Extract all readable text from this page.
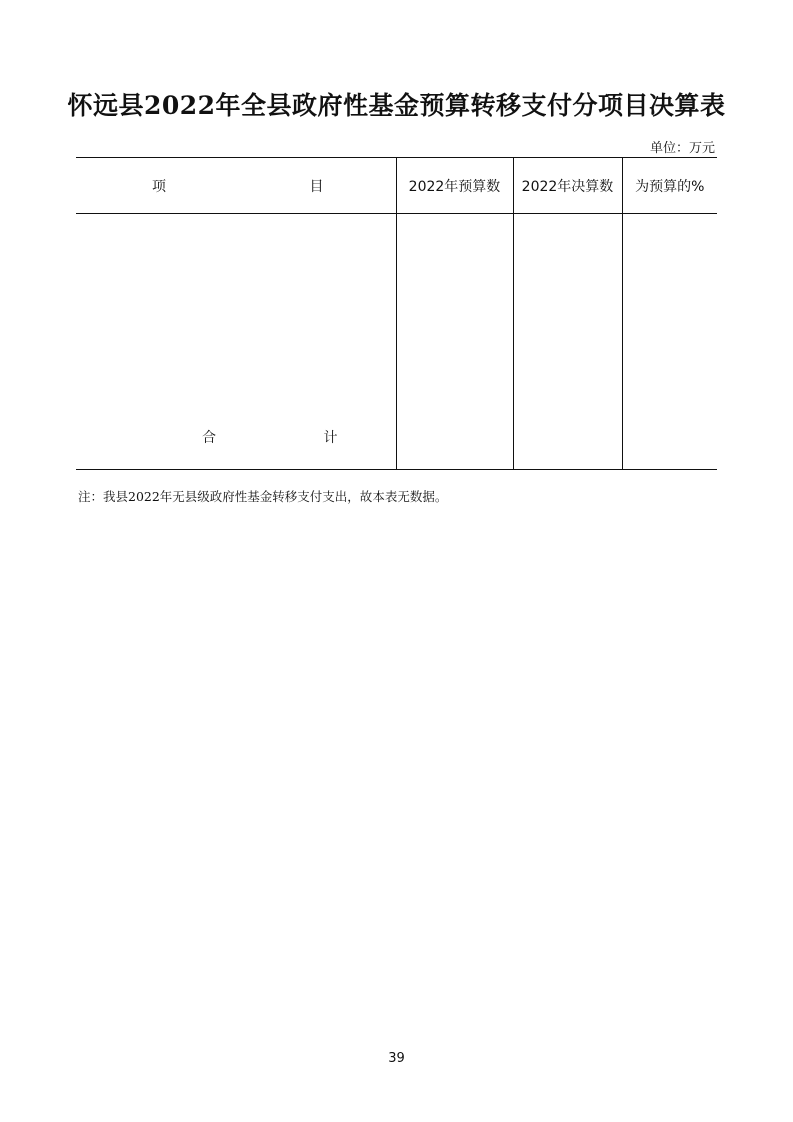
怀远县2022年全县政府性基金预算转移支付分项目决算表
单位：万元
项 目	2022年预算数	2022年决算数	为预算的%

合 计			

注：我县2022年无县级政府性基金转移支付支出，故本表无数据。
39
